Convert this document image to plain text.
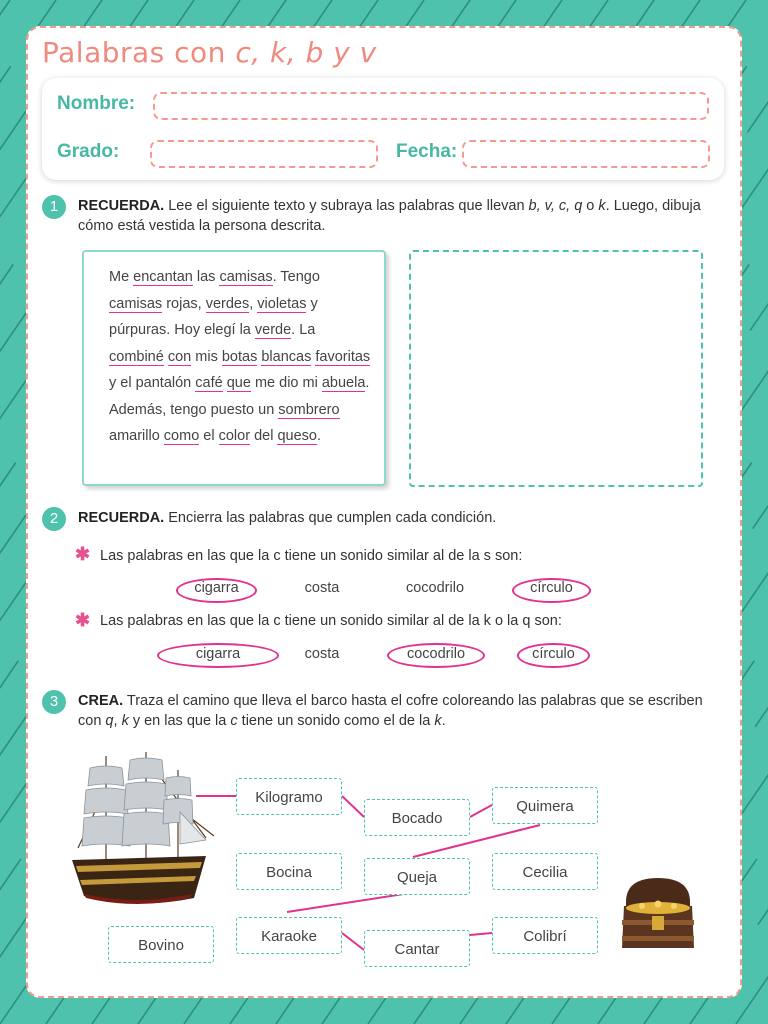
Palabras con c, k, b y v
Nombre:
Grado:	Fecha:
1	RECUERDA. Lee el siguiente texto y subraya las palabras que llevan b, v, c, q o k. Luego, dibuja cómo está vestida la persona descrita.

Me encantan las camisas. Tengo camisas rojas, verdes, violetas y púrpuras. Hoy elegí la verde. La combiné con mis botas blancas favoritas y el pantalón café que me dio mi abuela. Además, tengo puesto un sombrero amarillo como el color del queso.
2	RECUERDA. Encierra las palabras que cumplen cada condición.

✱ Las palabras en las que la c tiene un sonido similar al de la s son:

cigarra	costa	cocodrilo	círculo
✱ Las palabras en las que la c tiene un sonido similar al de la k o la q son:

cigarra	costa	cocodrilo	círculo
3	CREA. Traza el camino que lleva el barco hasta el cofre coloreando las palabras que se escriben con q, k y en las que la c tiene un sonido como el de la k.

Kilogramo
Bocado
Quimera
Bocina	Queja	Cecilia
Bovino
Karaoke
Cantar
Colibrí
